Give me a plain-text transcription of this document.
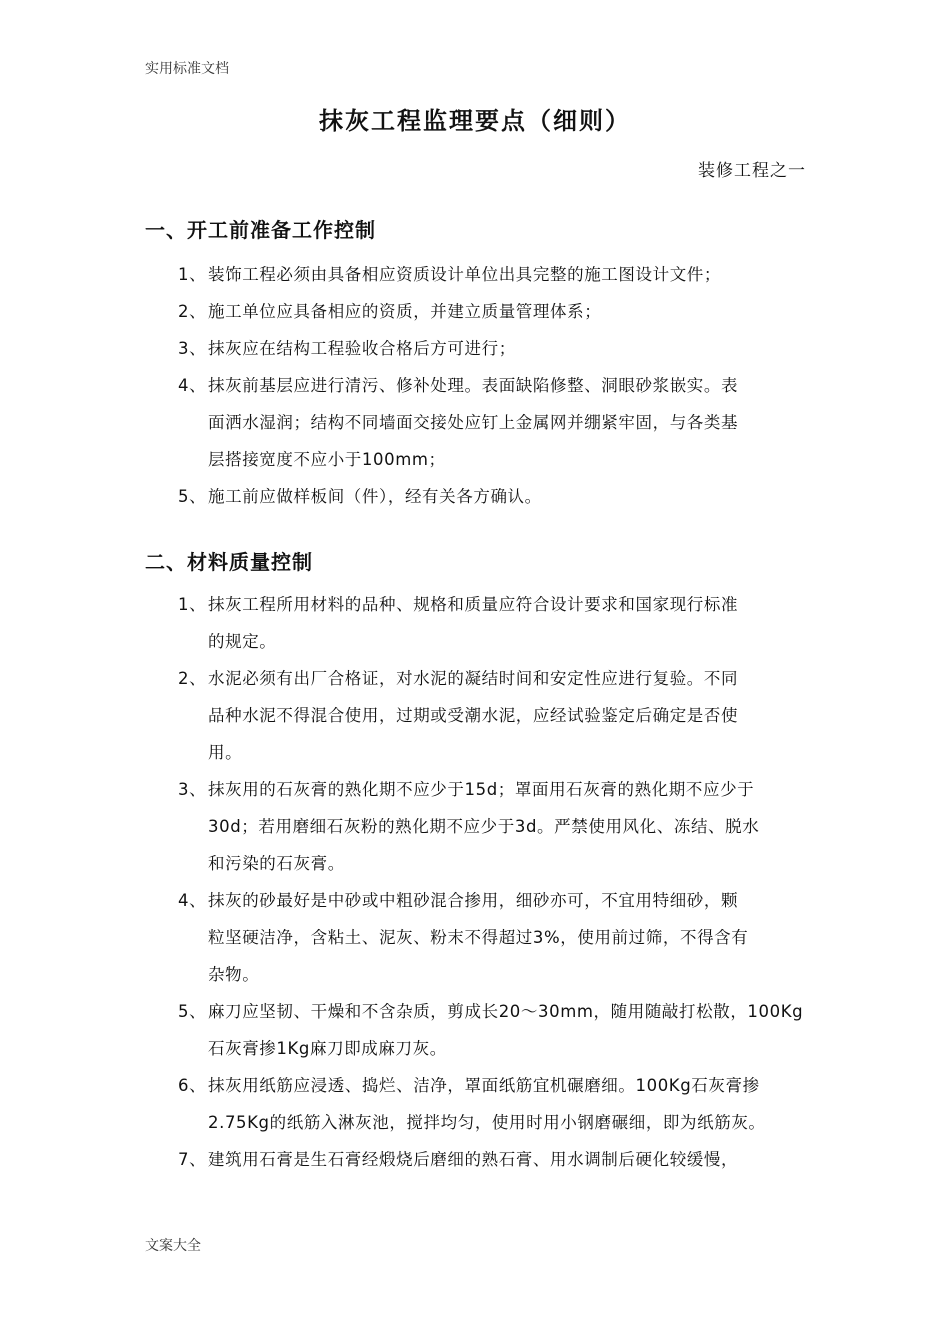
实用标准文档
抹灰工程监理要点（细则）
装修工程之一
一、开工前准备工作控制
1、 装饰工程必须由具备相应资质设计单位出具完整的施工图设计文件；
2、 施工单位应具备相应的资质，并建立质量管理体系；
3、 抹灰应在结构工程验收合格后方可进行；
4、 抹灰前基层应进行清污、修补处理。表面缺陷修整、洞眼砂浆嵌实。表
面洒水湿润；结构不同墙面交接处应钉上金属网并绷紧牢固，与各类基
层搭接宽度不应小于100mm；
5、 施工前应做样板间（件），经有关各方确认。
二、材料质量控制
1、 抹灰工程所用材料的品种、规格和质量应符合设计要求和国家现行标准
的规定。
2、 水泥必须有出厂合格证，对水泥的凝结时间和安定性应进行复验。不同
品种水泥不得混合使用，过期或受潮水泥，应经试验鉴定后确定是否使
用。
3、 抹灰用的石灰膏的熟化期不应少于15d；罩面用石灰膏的熟化期不应少于
30d；若用磨细石灰粉的熟化期不应少于3d。严禁使用风化、冻结、脱水
和污染的石灰膏。
4、 抹灰的砂最好是中砂或中粗砂混合掺用，细砂亦可，不宜用特细砂，颗
粒坚硬洁净，含粘土、泥灰、粉末不得超过3%，使用前过筛，不得含有
杂物。
5、 麻刀应坚韧、干燥和不含杂质，剪成长20～30mm，随用随敲打松散，100Kg
石灰膏掺1Kg麻刀即成麻刀灰。
6、 抹灰用纸筋应浸透、捣烂、洁净，罩面纸筋宜机碾磨细。100Kg石灰膏掺
2.75Kg的纸筋入淋灰池，搅拌均匀，使用时用小钢磨碾细，即为纸筋灰。
7、 建筑用石膏是生石膏经煅烧后磨细的熟石膏、用水调制后硬化较缓慢，
文案大全
